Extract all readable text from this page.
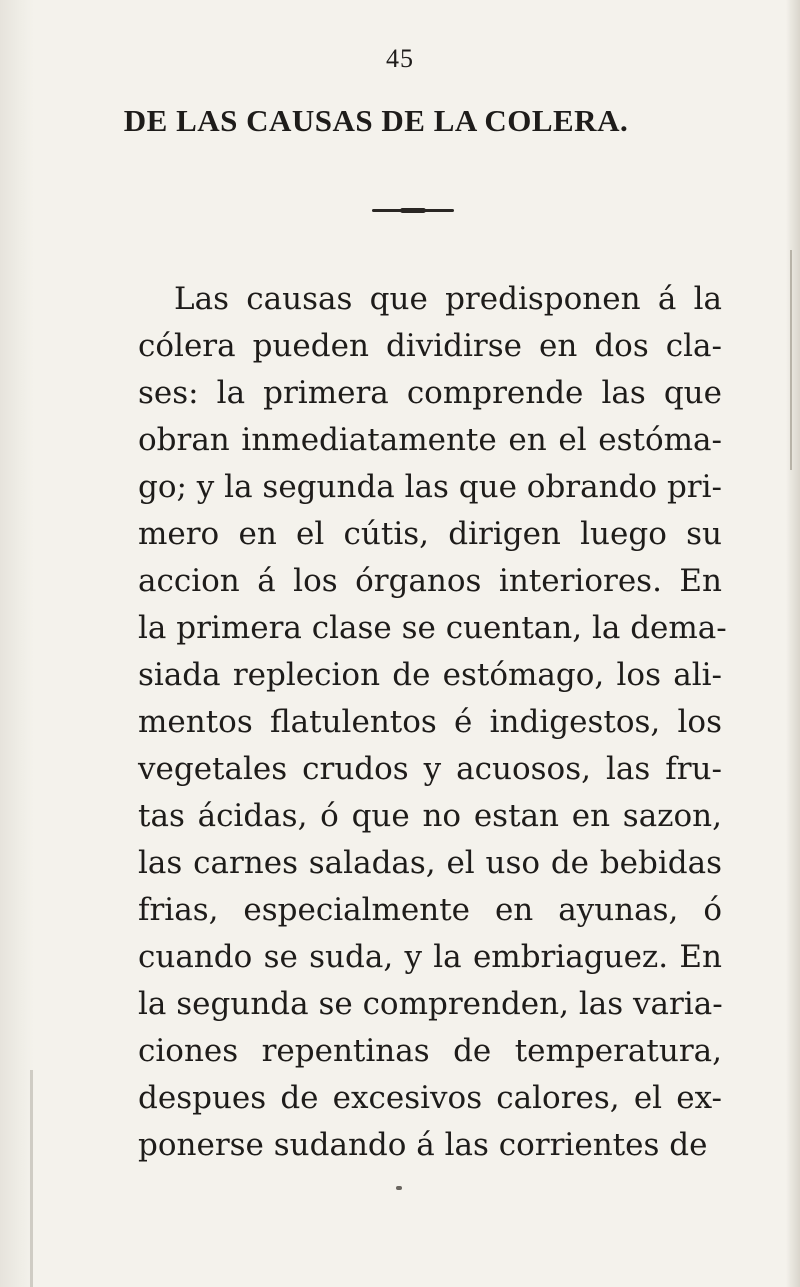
45
DE LAS CAUSAS DE LA COLERA.
Las causas que predisponen á la
cólera pueden dividirse en dos cla-
ses: la primera comprende las que
obran inmediatamente en el estóma-
go; y la segunda las que obrando pri-
mero en el cútis, dirigen luego su
accion á los órganos interiores. En
la primera clase se cuentan, la dema-
siada replecion de estómago, los ali-
mentos flatulentos é indigestos, los
vegetales crudos y acuosos, las fru-
tas ácidas, ó que no estan en sazon,
las carnes saladas, el uso de bebidas
frias, especialmente en ayunas, ó
cuando se suda, y la embriaguez. En
la segunda se comprenden, las varia-
ciones repentinas de temperatura,
despues de excesivos calores, el ex-
ponerse sudando á las corrientes de
